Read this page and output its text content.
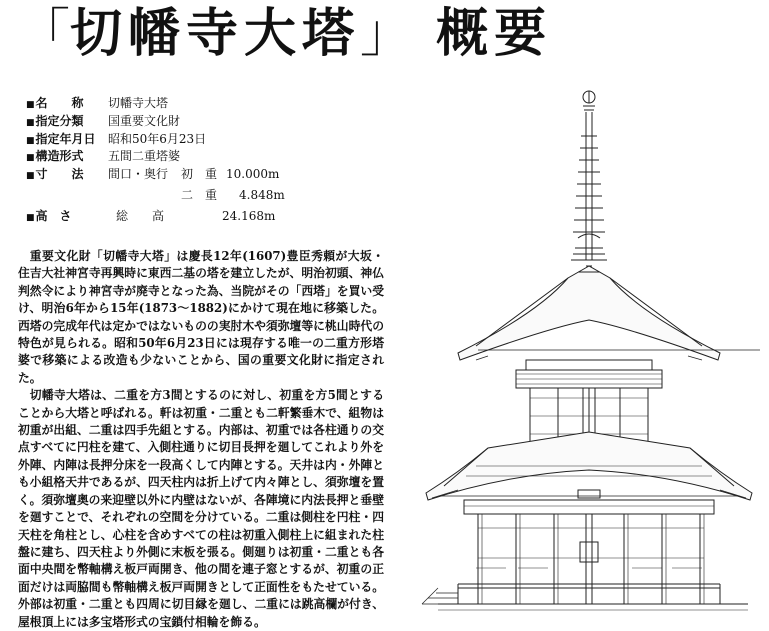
「切幡寺大塔」 概要
■ 名　　称	切幡寺大塔
■ 指定分類	国重要文化財
■ 指定年月日	昭和50年6月23日
■ 構造形式	五間二重塔婆
■ 寸　　法	間口・奥行 初　重 10.000m
二　重 4.848m
■ 高　さ	総　　高	24.168m

重要文化財「切幡寺大塔」は慶長12年(1607)豊臣秀頼が大坂・住吉大社神宮寺再興時に東西二基の塔を建立したが、明治初頭、神仏判然令により神宮寺が廃寺となった為、当院がその「西塔」を買い受け、明治6年から15年(1873〜1882)にかけて現在地に移築した。西塔の完成年代は定かではないものの実肘木や須弥壇等に桃山時代の特色が見られる。昭和50年6月23日には現存する唯一の二重方形塔婆で移築による改造も少ないことから、国の重要文化財に指定された。

切幡寺大塔は、二重を方3間とするのに対し、初重を方5間とすることから大塔と呼ばれる。軒は初重・二重とも二軒繁垂木で、組物は初重が出組、二重は四手先組とする。内部は、初重では各柱通りの交点すべてに円柱を建て、入側柱通りに切目長押を廻してこれより外を外陣、内陣は長押分床を一段高くして内陣とする。天井は内・外陣とも小組格天井であるが、四天柱内は折上げて内々陣とし、須弥壇を置く。須弥壇奥の来迎壁以外に内壁はないが、各陣境に内法長押と垂壁を廻すことで、それぞれの空間を分けている。二重は側柱を円柱・四天柱を角柱とし、心柱を含めすべての柱は初重入側柱上に組まれた柱盤に建ち、四天柱より外側に末板を張る。側廻りは初重・二重とも各面中央間を幣軸構え板戸両開き、他の間を連子窓とするが、初重の正面だけは両脇間も幣軸構え板戸両開きとして正面性をもたせている。外部は初重・二重とも四周に切目縁を廻し、二重には跳高欄が付き、屋根頂上には多宝塔形式の宝鎖付相輪を飾る。
